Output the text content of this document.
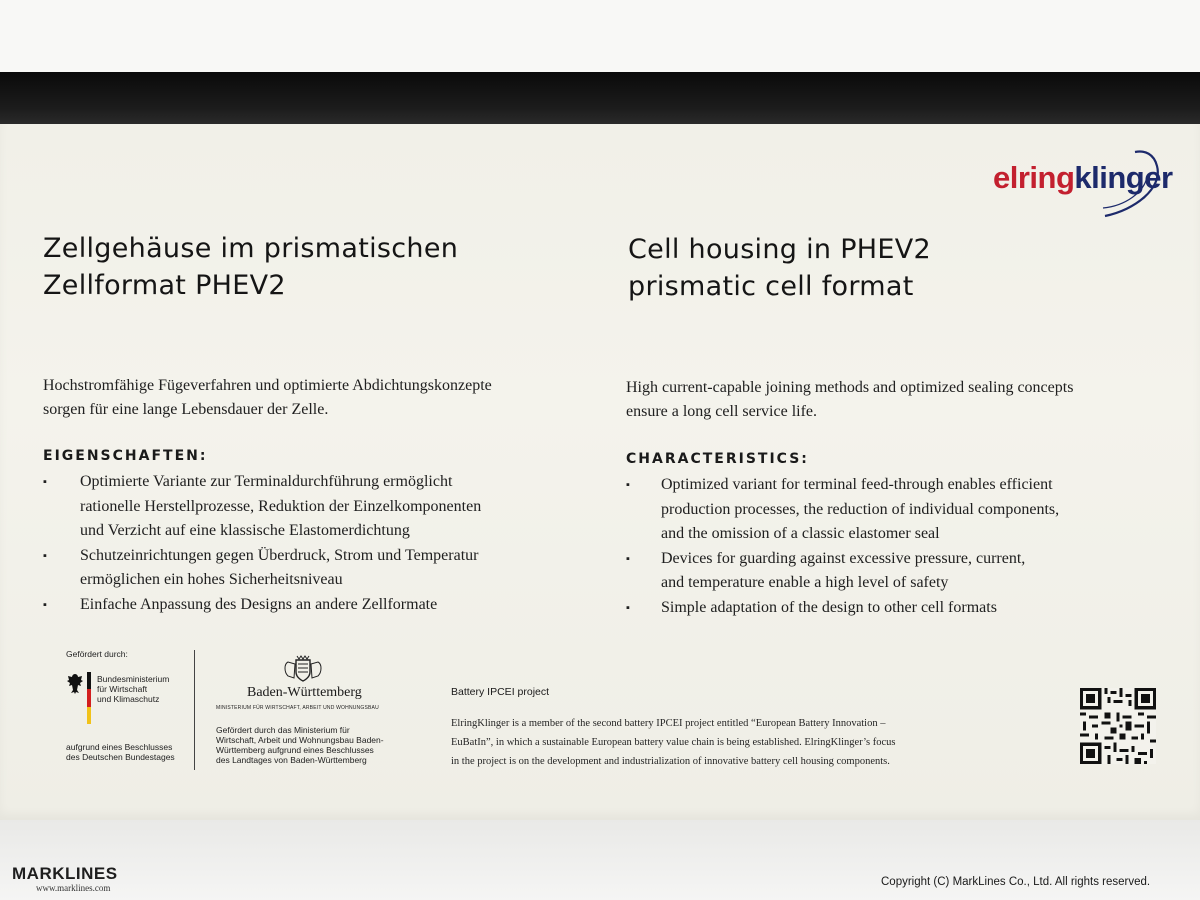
elringklinger
Zellgehäuse im prismatischen
Zellformat PHEV2
Hochstromfähige Fügeverfahren und optimierte Abdichtungskonzepte
sorgen für eine lange Lebensdauer der Zelle.
EIGENSCHAFTEN:
▪	Optimierte Variante zur Terminaldurchführung ermöglicht
rationelle Herstellprozesse, Reduktion der Einzelkomponenten
und Verzicht auf eine klassische Elastomerdichtung
▪	Schutzeinrichtungen gegen Überdruck, Strom und Temperatur
ermöglichen ein hohes Sicherheitsniveau
▪	Einfache Anpassung des Designs an andere Zellformate
Cell housing in PHEV2
prismatic cell format
High current-capable joining methods and optimized sealing concepts
ensure a long cell service life.
CHARACTERISTICS:
▪	Optimized variant for terminal feed-through enables efficient
production processes, the reduction of individual components,
and the omission of a classic elastomer seal
▪	Devices for guarding against excessive pressure, current,
and temperature enable a high level of safety
▪	Simple adaptation of the design to other cell formats
Gefördert durch:
Bundesministerium
für Wirtschaft
und Klimaschutz
aufgrund eines Beschlusses
des Deutschen Bundestages
Baden-Württemberg
MINISTERIUM FÜR WIRTSCHAFT, ARBEIT UND WOHNUNGSBAU
Gefördert durch das Ministerium für
Wirtschaft, Arbeit und Wohnungsbau Baden-
Württemberg aufgrund eines Beschlusses
des Landtages von Baden-Württemberg
Battery IPCEI project
ElringKlinger is a member of the second battery IPCEI project entitled “European Battery Innovation –
EuBatIn”, in which a sustainable European battery value chain is being established. ElringKlinger’s focus
in the project is on the development and industrialization of innovative battery cell housing components.
MARKLINES
www.marklines.com	Copyright (C) MarkLines Co., Ltd. All rights reserved.
